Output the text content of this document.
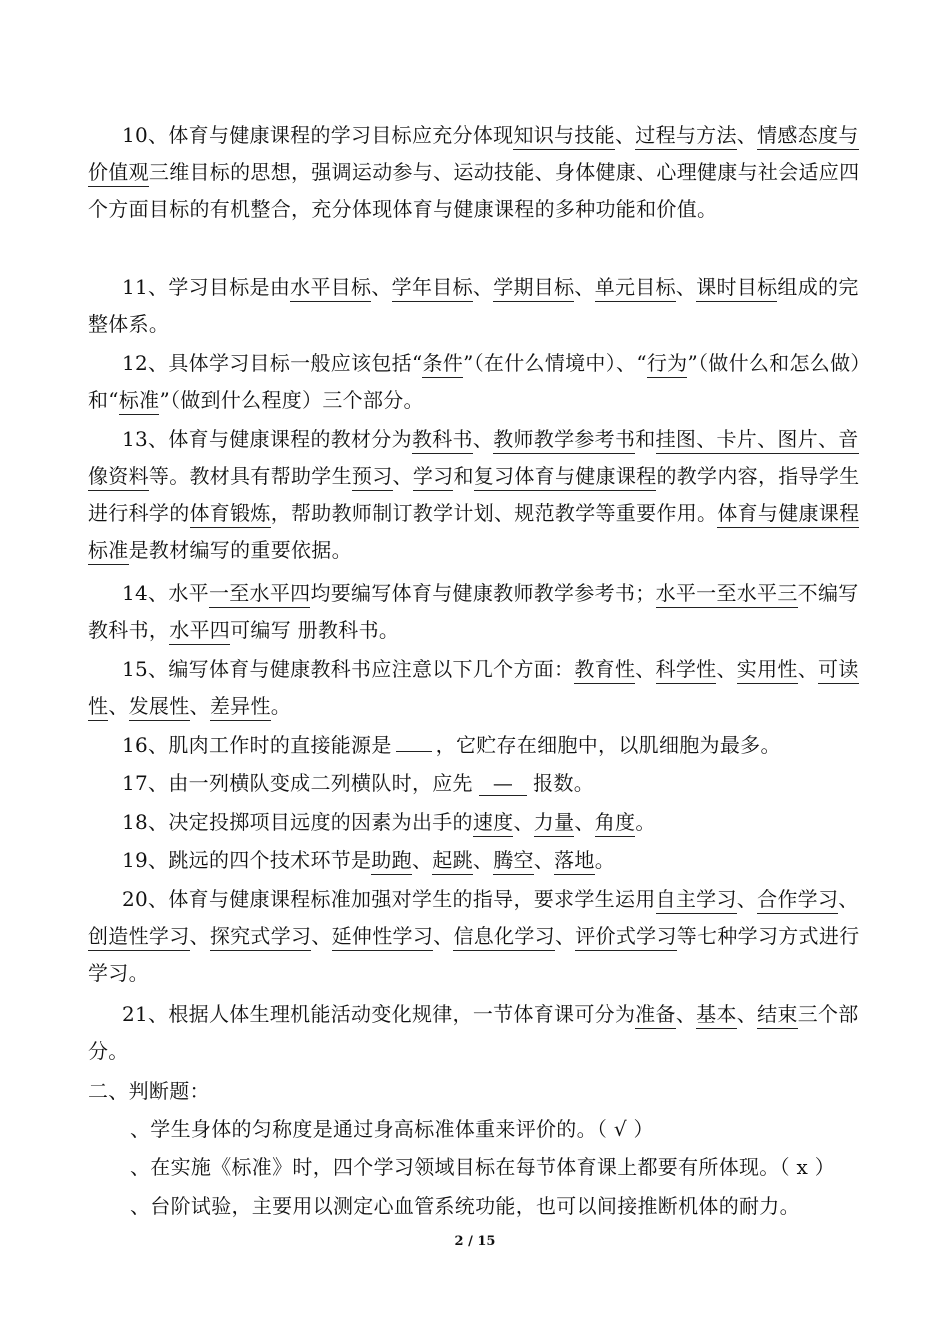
10、体育与健康课程的学习目标应充分体现知识与技能、过程与方法、情感态度与价值观三维目标的思想，强调运动参与、运动技能、身体健康、心理健康与社会适应四个方面目标的有机整合，充分体现体育与健康课程的多种功能和价值。
11、学习目标是由水平目标、学年目标、学期目标、单元目标、课时目标组成的完整体系。
12、具体学习目标一般应该包括“条件”（在什么情境中）、“行为”（做什么和怎么做）和“标准”（做到什么程度）三个部分。
13、体育与健康课程的教材分为教科书、教师教学参考书和挂图、卡片、图片、音像资料等。教材具有帮助学生预习、学习和复习体育与健康课程的教学内容，指导学生进行科学的体育锻炼，帮助教师制订教学计划、规范教学等重要作用。体育与健康课程标准是教材编写的重要依据。
14、水平一至水平四均要编写体育与健康教师教学参考书；水平一至水平三不编写教科书，水平四可编写 册教科书。
15、编写体育与健康教科书应注意以下几个方面：教育性、科学性、实用性、可读性、发展性、差异性。
16、肌肉工作时的直接能源是 ，它贮存在细胞中，以肌细胞为最多。
17、由一列横队变成二列横队时，应先 — 报数。
18、决定投掷项目远度的因素为出手的速度、力量、角度。
19、跳远的四个技术环节是助跑、起跳、腾空、落地。
20、体育与健康课程标准加强对学生的指导，要求学生运用自主学习、合作学习、创造性学习、探究式学习、延伸性学习、信息化学习、评价式学习等七种学习方式进行学习。
21、根据人体生理机能活动变化规律，一节体育课可分为准备、基本、结束三个部分。
二、判断题：
、学生身体的匀称度是通过身高标准体重来评价的。（ √ ）
、在实施《标准》时，四个学习领域目标在每节体育课上都要有所体现。（ x ）
、台阶试验，主要用以测定心血管系统功能，也可以间接推断机体的耐力。
2 / 15
